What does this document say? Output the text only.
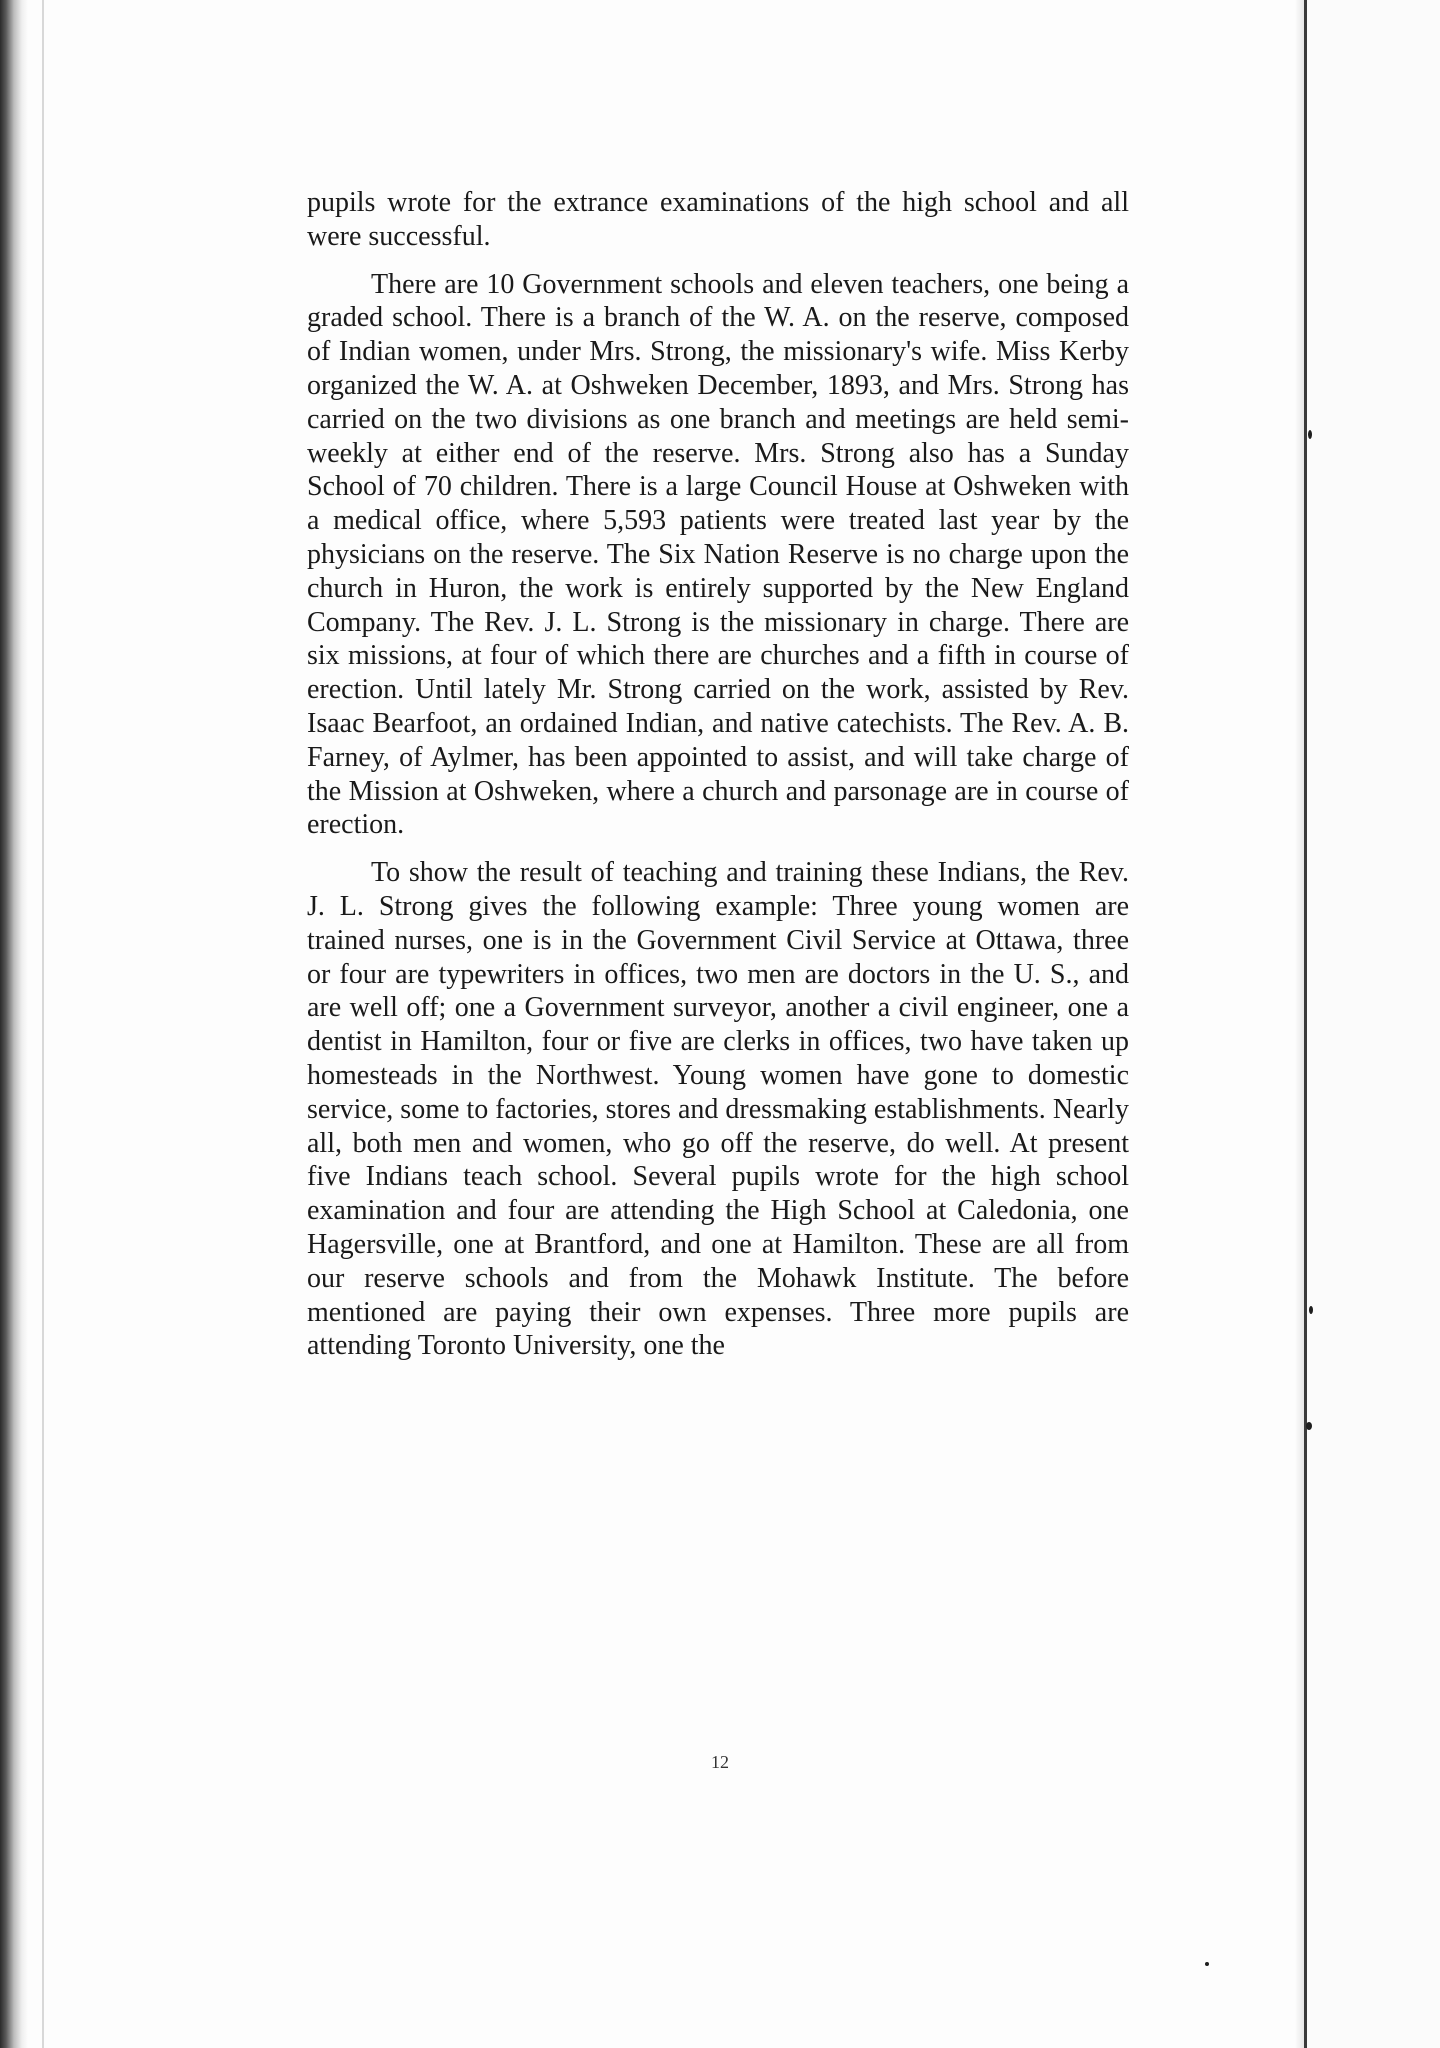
pupils wrote for the extrance examinations of the high school and all were successful.

There are 10 Government schools and eleven teachers, one being a graded school. There is a branch of the W. A. on the reserve, composed of Indian women, under Mrs. Strong, the missionary's wife. Miss Kerby organized the W. A. at Oshweken December, 1893, and Mrs. Strong has carried on the two divisions as one branch and meetings are held semi-weekly at either end of the reserve. Mrs. Strong also has a Sunday School of 70 children. There is a large Council House at Oshweken with a medical office, where 5,593 patients were treated last year by the physicians on the reserve. The Six Nation Reserve is no charge upon the church in Huron, the work is entirely supported by the New England Company. The Rev. J. L. Strong is the missionary in charge. There are six missions, at four of which there are churches and a fifth in course of erection. Until lately Mr. Strong carried on the work, assisted by Rev. Isaac Bearfoot, an ordained Indian, and native catechists. The Rev. A. B. Farney, of Aylmer, has been appointed to assist, and will take charge of the Mission at Oshweken, where a church and parsonage are in course of erection.

To show the result of teaching and training these Indians, the Rev. J. L. Strong gives the following example: Three young women are trained nurses, one is in the Government Civil Service at Ottawa, three or four are typewriters in offices, two men are doctors in the U. S., and are well off; one a Government surveyor, another a civil engineer, one a dentist in Hamilton, four or five are clerks in offices, two have taken up homesteads in the Northwest. Young women have gone to domestic service, some to factories, stores and dressmaking establishments. Nearly all, both men and women, who go off the reserve, do well. At present five Indians teach school. Several pupils wrote for the high school examination and four are attending the High School at Caledonia, one Hagersville, one at Brantford, and one at Hamilton. These are all from our reserve schools and from the Mohawk Institute. The before mentioned are paying their own expenses. Three more pupils are attending Toronto University, one the

12
